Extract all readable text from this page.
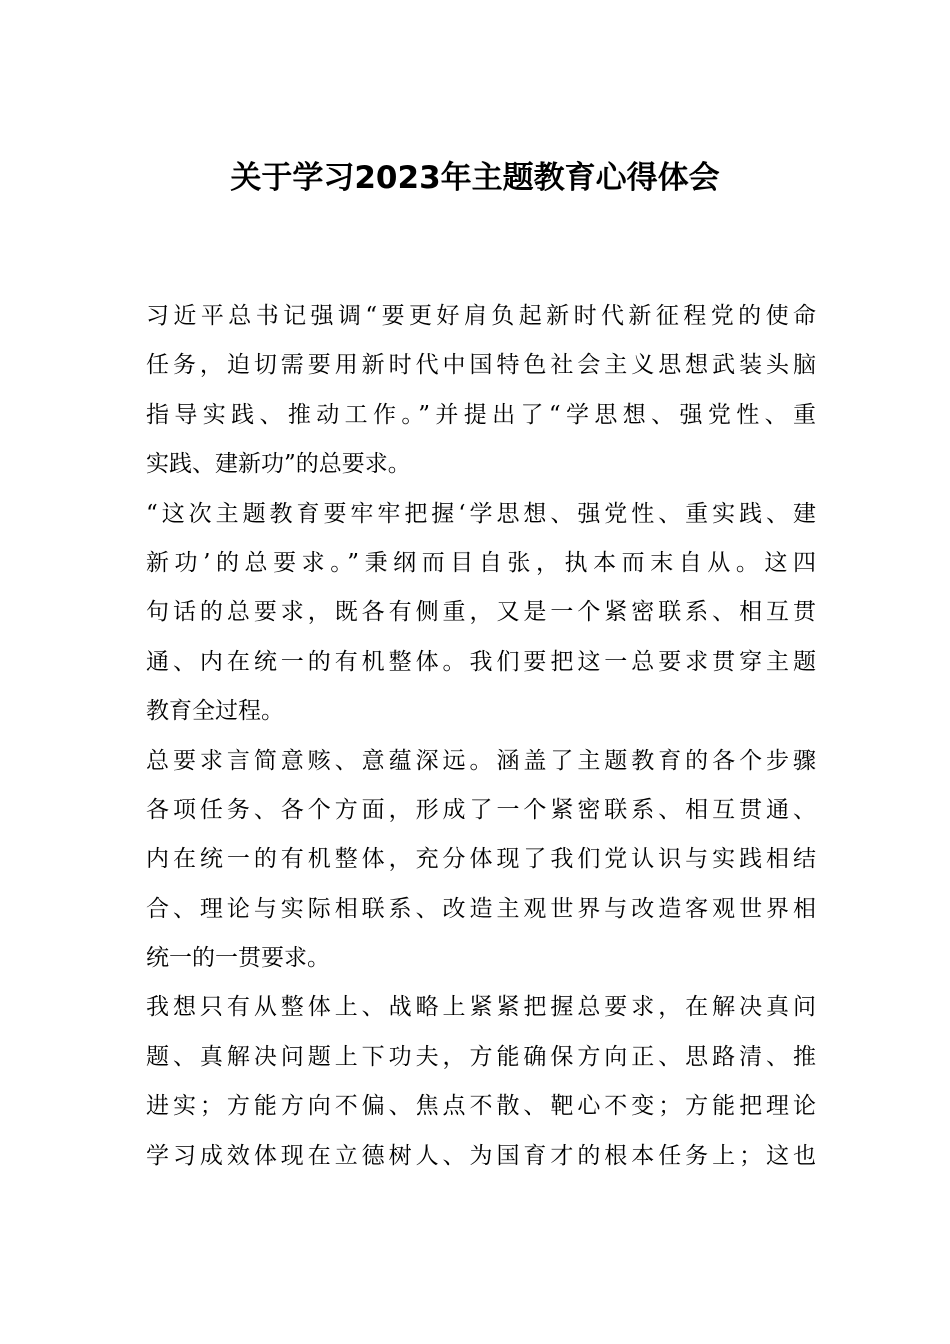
关于学习2023年主题教育心得体会
习近平总书记强调“要更好肩负起新时代新征程党的使命
任务，迫切需要用新时代中国特色社会主义思想武装头脑
指导实践、推动工作。”并提出了“学思想、强党性、重
实践、建新功”的总要求。
“这次主题教育要牢牢把握‘学思想、强党性、重实践、建
新功’的总要求。”秉纲而目自张，执本而末自从。这四
句话的总要求，既各有侧重，又是一个紧密联系、相互贯
通、内在统一的有机整体。我们要把这一总要求贯穿主题
教育全过程。
总要求言简意赅、意蕴深远。涵盖了主题教育的各个步骤
各项任务、各个方面，形成了一个紧密联系、相互贯通、
内在统一的有机整体，充分体现了我们党认识与实践相结
合、理论与实际相联系、改造主观世界与改造客观世界相
统一的一贯要求。
我想只有从整体上、战略上紧紧把握总要求，在解决真问
题、真解决问题上下功夫，方能确保方向正、思路清、推
进实；方能方向不偏、焦点不散、靶心不变；方能把理论
学习成效体现在立德树人、为国育才的根本任务上；这也
